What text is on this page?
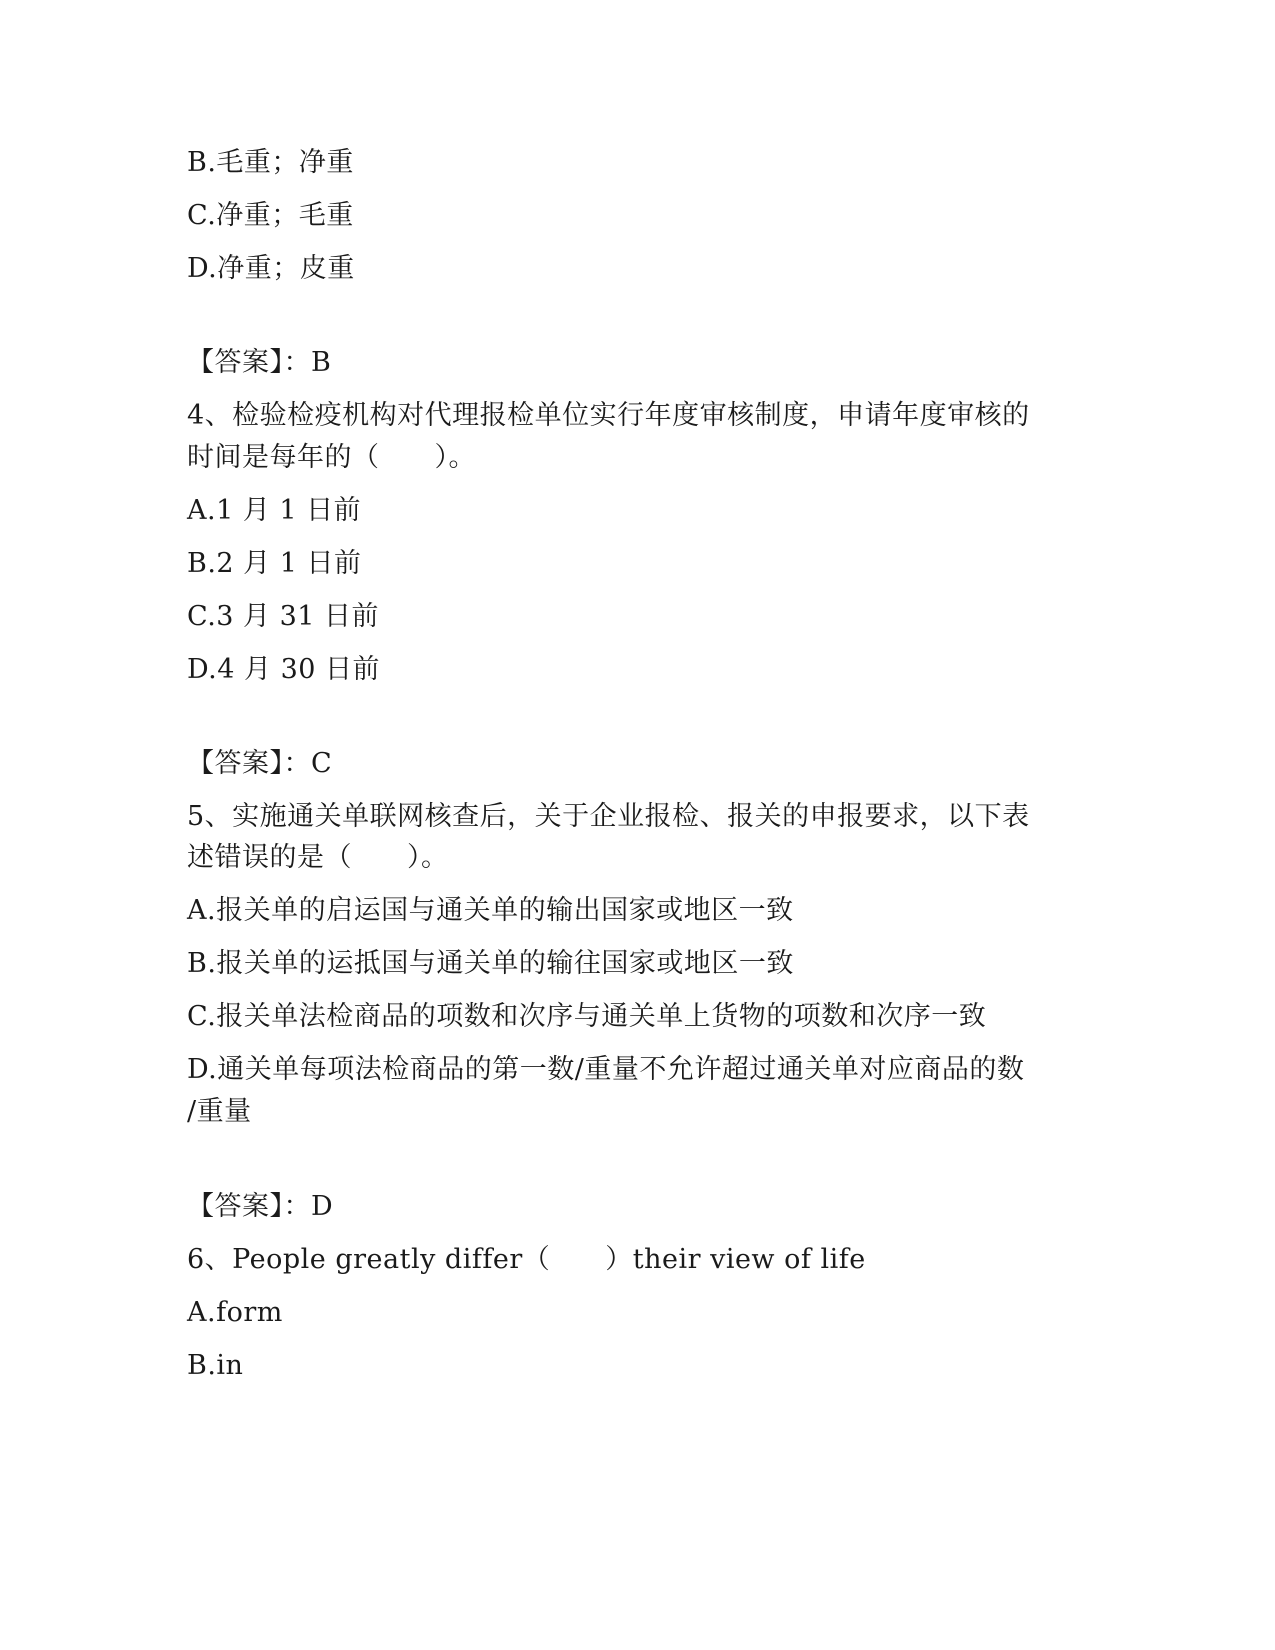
B.毛重；净重
C.净重；毛重
D.净重；皮重
【答案】：B
4、检验检疫机构对代理报检单位实行年度审核制度，申请年度审核的
时间是每年的（　　）。
A.1 月 1 日前
B.2 月 1 日前
C.3 月 31 日前
D.4 月 30 日前
【答案】：C
5、实施通关单联网核查后，关于企业报检、报关的申报要求，以下表
述错误的是（　　）。
A.报关单的启运国与通关单的输出国家或地区一致
B.报关单的运抵国与通关单的输往国家或地区一致
C.报关单法检商品的项数和次序与通关单上货物的项数和次序一致
D.通关单每项法检商品的第一数/重量不允许超过通关单对应商品的数
/重量
【答案】：D
6、People greatly differ（　　）their view of life
A.form
B.in
